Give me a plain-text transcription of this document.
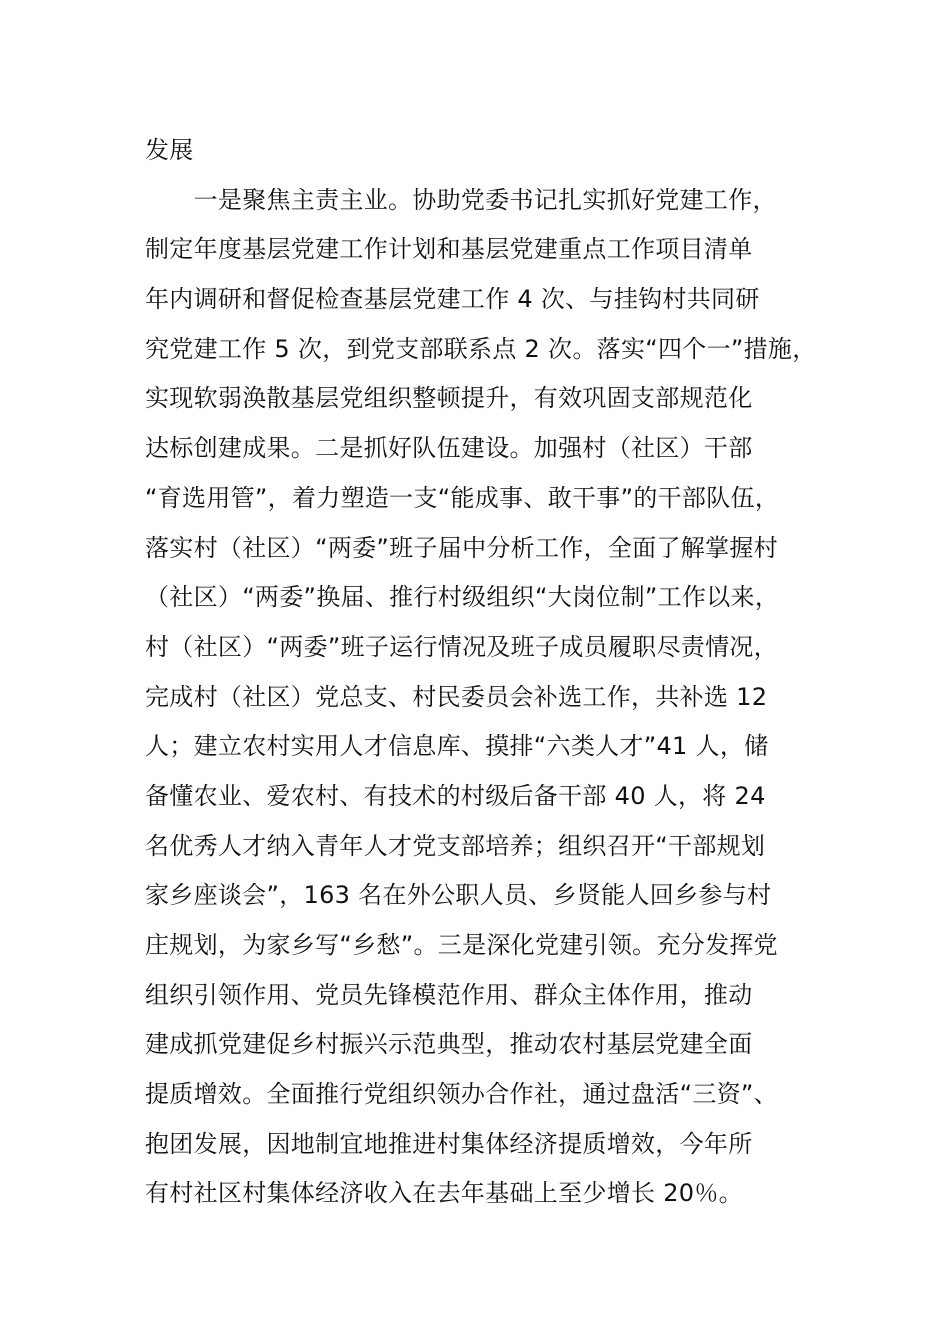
发展
　　一是聚焦主责主业。协助党委书记扎实抓好党建工作，
制定年度基层党建工作计划和基层党建重点工作项目清单
年内调研和督促检查基层党建工作 4 次、与挂钩村共同研
究党建工作 5 次，到党支部联系点 2 次。落实“四个一”措施，
实现软弱涣散基层党组织整顿提升，有效巩固支部规范化
达标创建成果。二是抓好队伍建设。加强村（社区）干部
“育选用管”，着力塑造一支“能成事、敢干事”的干部队伍，
落实村（社区）“两委”班子届中分析工作，全面了解掌握村
（社区）“两委”换届、推行村级组织“大岗位制”工作以来，
村（社区）“两委”班子运行情况及班子成员履职尽责情况，
完成村（社区）党总支、村民委员会补选工作，共补选 12
人；建立农村实用人才信息库、摸排“六类人才”41 人，储
备懂农业、爱农村、有技术的村级后备干部 40 人，将 24
名优秀人才纳入青年人才党支部培养；组织召开“干部规划
家乡座谈会”，163 名在外公职人员、乡贤能人回乡参与村
庄规划，为家乡写“乡愁”。三是深化党建引领。充分发挥党
组织引领作用、党员先锋模范作用、群众主体作用，推动
建成抓党建促乡村振兴示范典型，推动农村基层党建全面
提质增效。全面推行党组织领办合作社，通过盘活“三资”、
抱团发展，因地制宜地推进村集体经济提质增效，今年所
有村社区村集体经济收入在去年基础上至少增长 20％。
